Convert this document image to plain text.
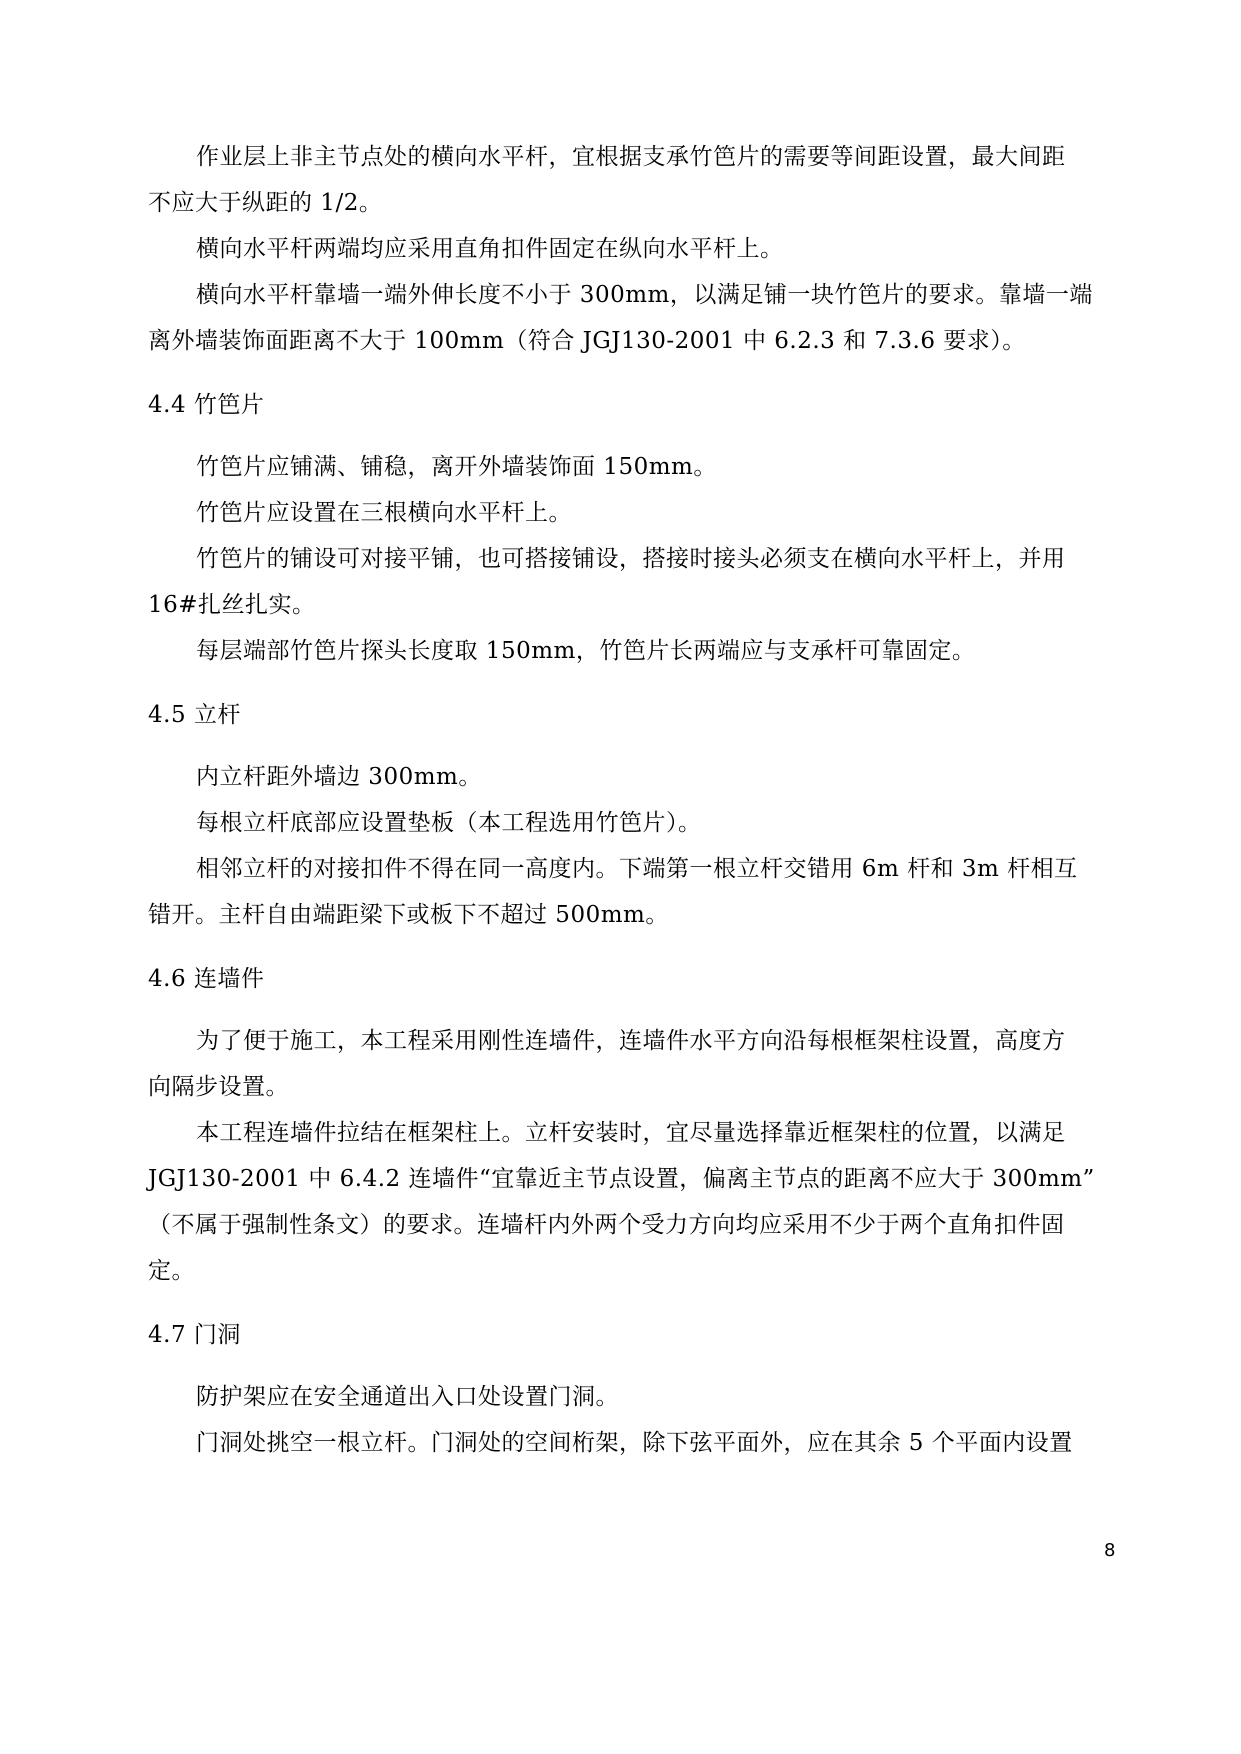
作业层上非主节点处的横向水平杆，宜根据支承竹笆片的需要等间距设置，最大间距
不应大于纵距的 1/2。
横向水平杆两端均应采用直角扣件固定在纵向水平杆上。
横向水平杆靠墙一端外伸长度不小于 300mm，以满足铺一块竹笆片的要求。靠墙一端
离外墙装饰面距离不大于 100mm（符合 JGJ130-2001 中 6.2.3 和 7.3.6 要求）。
4.4 竹笆片
竹笆片应铺满、铺稳，离开外墙装饰面 150mm。
竹笆片应设置在三根横向水平杆上。
竹笆片的铺设可对接平铺，也可搭接铺设，搭接时接头必须支在横向水平杆上，并用
16#扎丝扎实。
每层端部竹笆片探头长度取 150mm，竹笆片长两端应与支承杆可靠固定。
4.5 立杆
内立杆距外墙边 300mm。
每根立杆底部应设置垫板（本工程选用竹笆片）。
相邻立杆的对接扣件不得在同一高度内。下端第一根立杆交错用 6m 杆和 3m 杆相互
错开。主杆自由端距梁下或板下不超过 500mm。
4.6 连墙件
为了便于施工，本工程采用刚性连墙件，连墙件水平方向沿每根框架柱设置，高度方
向隔步设置。
本工程连墙件拉结在框架柱上。立杆安装时，宜尽量选择靠近框架柱的位置，以满足
JGJ130-2001 中 6.4.2 连墙件“宜靠近主节点设置，偏离主节点的距离不应大于 300mm”
（不属于强制性条文）的要求。连墙杆内外两个受力方向均应采用不少于两个直角扣件固
定。
4.7 门洞
防护架应在安全通道出入口处设置门洞。
门洞处挑空一根立杆。门洞处的空间桁架，除下弦平面外，应在其余 5 个平面内设置
8
